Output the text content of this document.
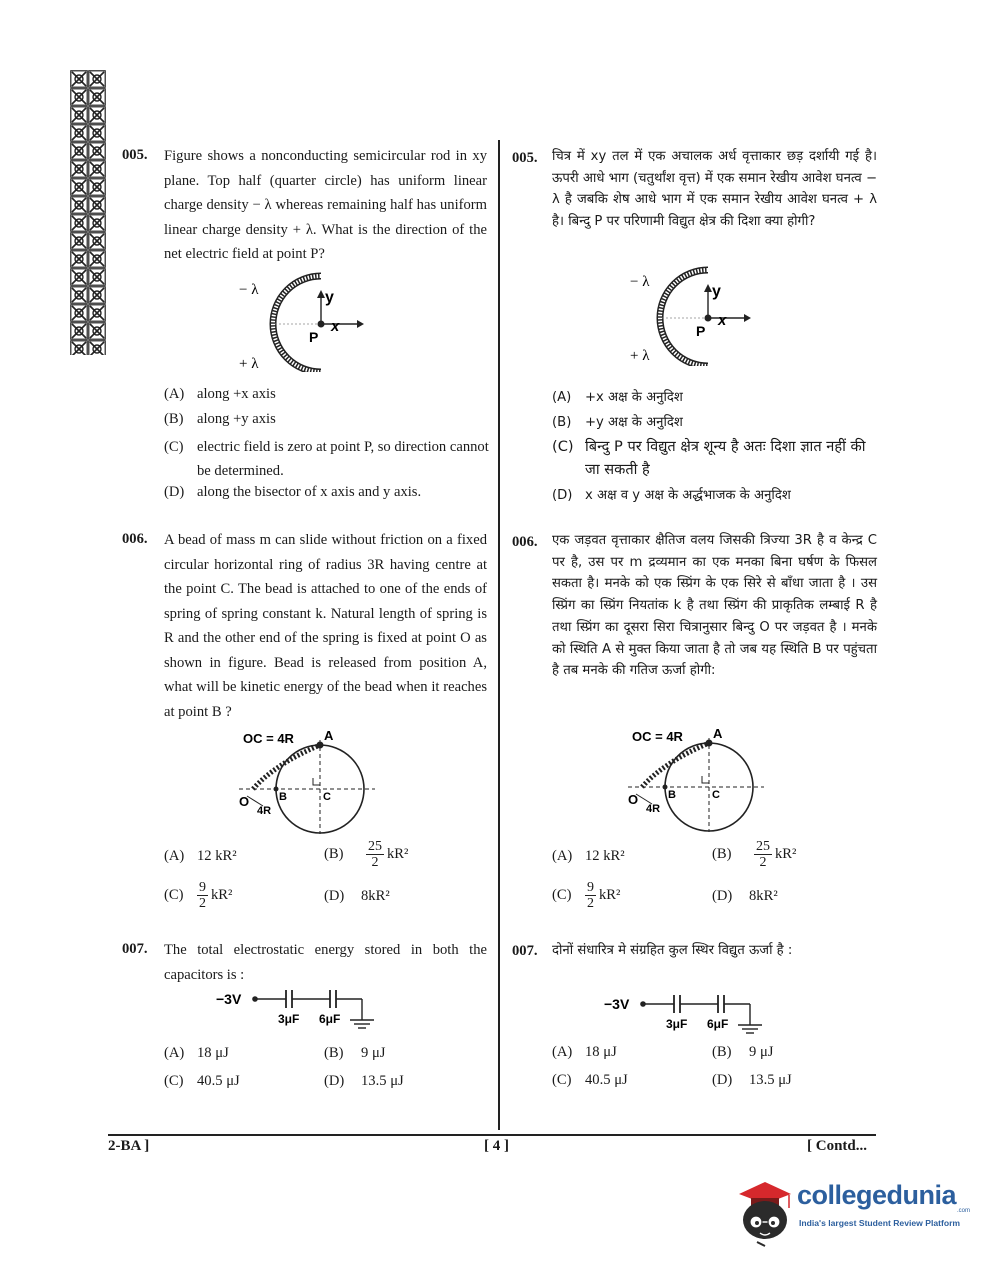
005. Figure shows a nonconducting semicircular rod in xy plane. Top half (quarter circle) has uniform linear charge density − λ whereas remaining half has uniform linear charge density + λ. What is the direction of the net electric field at point P?
− λ
+ λ
y
x
P
(A) along +x axis
(B) along +y axis
(C) electric field is zero at point P, so direction cannot be determined.
(D) along the bisector of x axis and y axis.
005. चित्र में xy तल में एक अचालक अर्ध वृत्ताकार छड़ दर्शायी गई है। ऊपरी आधे भाग (चतुर्थांश वृत्त) में एक समान रेखीय आवेश घनत्व − λ है जबकि शेष आधे भाग में एक समान रेखीय आवेश घनत्व + λ है। बिन्दु P पर परिणामी विद्युत क्षेत्र की दिशा क्या होगी?
− λ
+ λ
y
x
P
(A) +x अक्ष के अनुदिश
(B) +y अक्ष के अनुदिश
(C) बिन्दु P पर विद्युत क्षेत्र शून्य है अतः दिशा ज्ञात नहीं की जा सकती है
(D) x अक्ष व y अक्ष के अर्द्धभाजक के अनुदिश
006. A bead of mass m can slide without friction on a fixed circular horizontal ring of radius 3R having centre at the point C. The bead is attached to one of the ends of spring of spring constant k. Natural length of spring is R and the other end of the spring is fixed at point O as shown in figure. Bead is released from position A, what will be kinetic energy of the bead when it reaches at point B ?
OC = 4R A
B	C
O
4R
(A) 12 kR²	$(B) \frac{25}{2} kR^2$
$(C) \frac{9}{2} kR^2$	(D) 8kR²
006. एक जड़वत वृत्ताकार क्षैतिज वलय जिसकी त्रिज्या 3R है व केन्द्र C पर है, उस पर m द्रव्यमान का एक मनका बिना घर्षण के फिसल सकता है। मनके को एक स्प्रिंग के एक सिरे से बाँधा जाता है । उस स्प्रिंग का स्प्रिंग नियतांक k है तथा स्प्रिंग की प्राकृतिक लम्बाई R है तथा स्प्रिंग का दूसरा सिरा चित्रानुसार बिन्दु O पर जड़वत है । मनके को स्थिति A से मुक्त किया जाता है तो जब यह स्थिति B पर पहुंचता है तब मनके की गतिज ऊर्जा होगी:
OC = 4R A
B	C
O
4R
(A) 12 kR²	$(B) \frac{25}{2} kR^2$
$(C) \frac{9}{2} kR^2$	(D) 8kR²
007. The total electrostatic energy stored in both the capacitors is :
−3V
3μF 6μF
(A) 18 μJ	(B) 9 μJ
(C) 40.5 μJ	(D) 13.5 μJ
007. दोनों संधारित्र मे संग्रहित कुल स्थिर विद्युत ऊर्जा है :
−3V
3μF 6μF
(A) 18 μJ	(B) 9 μJ
(C) 40.5 μJ	(D) 13.5 μJ
2-BA ]	[ 4 ]	[ Contd...
collegedunia
.com
India's largest Student Review Platform
